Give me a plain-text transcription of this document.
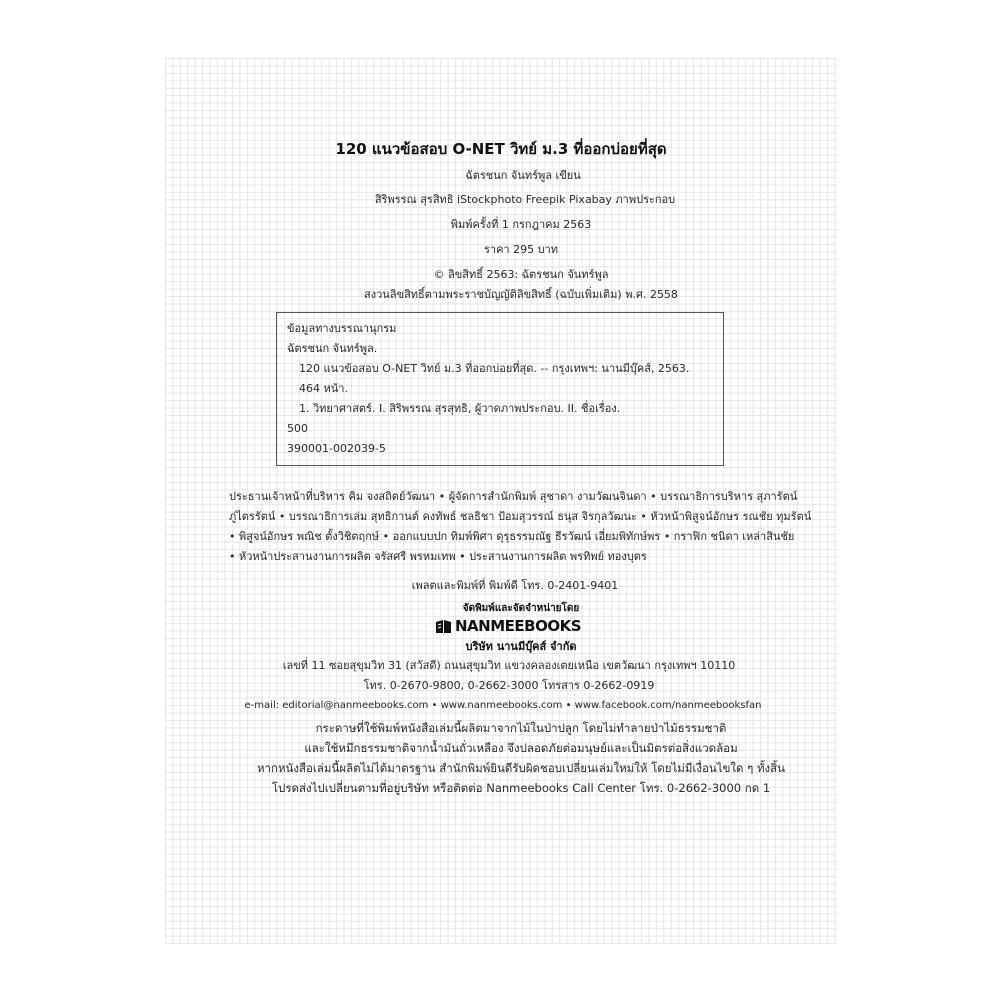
120 แนวข้อสอบ O-NET วิทย์ ม.3 ที่ออกบ่อยที่สุด
ฉัตรชนก จันทร์พูล เขียน
สิริพรรณ สุรสิทธิ iStockphoto Freepik Pixabay ภาพประกอบ
พิมพ์ครั้งที่ 1 กรกฎาคม 2563
ราคา 295 บาท
© ลิขสิทธิ์ 2563: ฉัตรชนก จันทร์พูล
สงวนลิขสิทธิ์ตามพระราชบัญญัติลิขสิทธิ์ (ฉบับเพิ่มเติม) พ.ศ. 2558
ข้อมูลทางบรรณานุกรม
ฉัตรชนก จันทร์พูล.
120 แนวข้อสอบ O-NET วิทย์ ม.3 ที่ออกบ่อยที่สุด. -- กรุงเทพฯ: นานมีบุ๊คส์, 2563.
464 หน้า.
1. วิทยาศาสตร์. I. สิริพรรณ สุรสุทธิ, ผู้วาดภาพประกอบ. II. ชื่อเรื่อง.
500
390001-002039-5
ประธานเจ้าหน้าที่บริหาร คิม จงสถิตย์วัฒนา • ผู้จัดการสำนักพิมพ์ สุชาดา งามวัฒนจินดา • บรรณาธิการบริหาร สุภารัตน์
ภู่ไตรรัตน์ • บรรณาธิการเล่ม สุทธิกานต์ คงทัพธ์ ชลธิชา ป้อมสุวรรณ์ ธนุส จิรกุลวัฒนะ • หัวหน้าพิสูจน์อักษร รณชัย ทุมรัตน์
• พิสูจน์อักษร พณิช ตั้งวิชิตฤกษ์ • ออกแบบปก ทิมพ์พิศา ดุรุธรรมณัฐ ธีรวัฒน์ เอี่ยมพิทักษ์พร • กราฟิก ชนิดา เหล่าสินชัย
• หัวหน้าประสานงานการผลิต จรัสศรี พรหมเทพ • ประสานงานการผลิต พรทิพย์ ทองบุตร
เพลตและพิมพ์ที่ พิมพ์ดี โทร. 0-2401-9401
จัดพิมพ์และจัดจำหน่ายโดย
NANMEEBOOKS
บริษัท นานมีบุ๊คส์ จำกัด
เลขที่ 11 ซอยสุขุมวิท 31 (สวัสดี) ถนนสุขุมวิท แขวงคลองเตยเหนือ เขตวัฒนา กรุงเทพฯ 10110
โทร. 0-2670-9800, 0-2662-3000 โทรสาร 0-2662-0919
e-mail: editorial@nanmeebooks.com • www.nanmeebooks.com • www.facebook.com/nanmeebooksfan
กระดาษที่ใช้พิมพ์หนังสือเล่มนี้ผลิตมาจากไม้ในป่าปลูก โดยไม่ทำลายป่าไม้ธรรมชาติ
และใช้หมึกธรรมชาติจากน้ำมันถั่วเหลือง จึงปลอดภัยต่อมนุษย์และเป็นมิตรต่อสิ่งแวดล้อม
หากหนังสือเล่มนี้ผลิตไม่ได้มาตรฐาน สำนักพิมพ์ยินดีรับผิดชอบเปลี่ยนเล่มใหม่ให้ โดยไม่มีเงื่อนไขใด ๆ ทั้งสิ้น
โปรดส่งไปเปลี่ยนตามที่อยู่บริษัท หรือติดต่อ Nanmeebooks Call Center โทร. 0-2662-3000 กด 1
